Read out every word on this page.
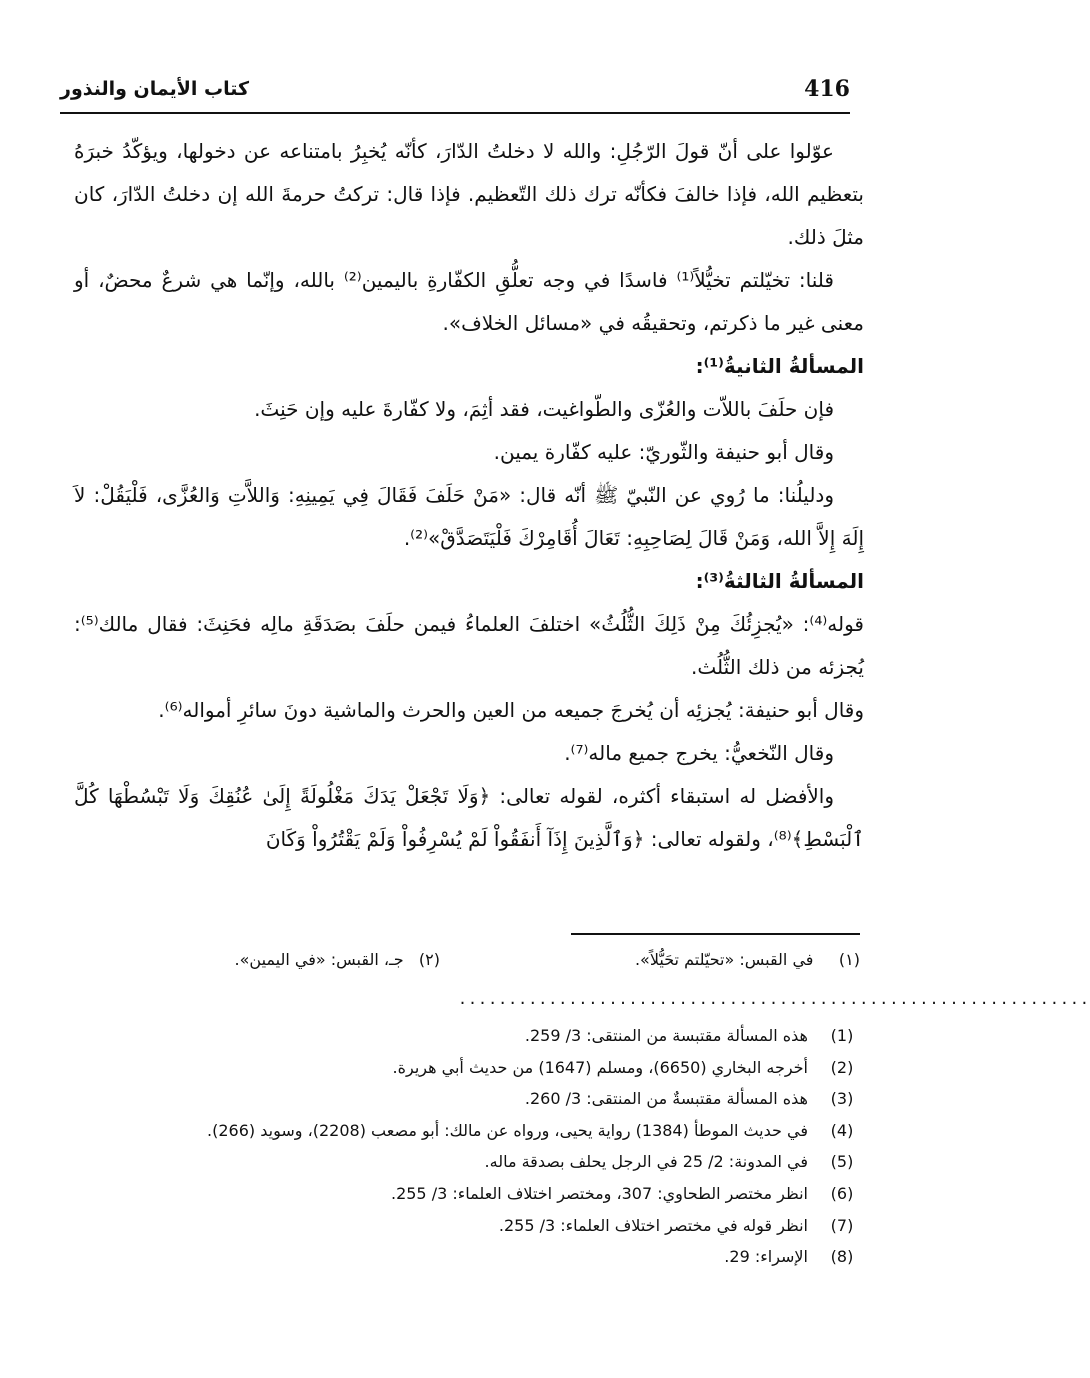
416
كتاب الأيمان والنذور

عوّلوا على أنّ قولَ الرّجُلِ: والله لا دخلتُ الدّارَ، كأنّه يُخبِرُ بامتناعه عن دخولها، ويؤكّدُ خبرَهُ بتعظيم الله، فإذا خالفَ فكأنّه ترك ذلك التّعظيم. فإذا قال: تركتُ حرمةَ الله إن دخلتُ الدّارَ، كان مثلَ ذلك.

قلنا: تخيّلتم تخيُّلاً⁽¹⁾ فاسدًا في وجه تعلُّقِ الكفّارةِ باليمين⁽²⁾ بالله، وإنّما هي شرعٌ محضٌ، أو معنى غير ما ذكرتم، وتحقيقُه في «مسائل الخلاف».

المسألةُ الثانيةُ⁽¹⁾:

فإن حلَفَ باللاّت والعُزّى والطّواغيت، فقد أثِمَ، ولا كفّارةَ عليه وإن حَنِثَ.

وقال أبو حنيفة والثّوريّ: عليه كفّارة يمين.

ودليلُنا: ما رُوي عن النّبيّ ﷺ أنّه قال: «مَنْ حَلَفَ فَقَالَ فِي يَمِينِهِ: وَاللاَّتِ وَالعُزَّى، فَلْيَقُلْ: لاَ إِلَهَ إِلاَّ الله، وَمَنْ قَالَ لِصَاحِبِهِ: تَعَالَ أُقَامِرْكَ فَلْيَتَصَدَّقْ»⁽²⁾.

المسألةُ الثالثةُ⁽³⁾:

قوله⁽⁴⁾: «يُجزِئُكَ مِنْ ذَلِكَ الثُّلُثُ» اختلفَ العلماءُ فيمن حلَفَ بصَدَقَةِ مالِه فحَنِثَ: فقال مالك⁽⁵⁾: يُجزئه من ذلك الثُّلُث.

وقال أبو حنيفة: يُجزئِه أن يُخرجَ جميعه من العين والحرث والماشية دونَ سائرِ أمواله⁽⁶⁾.

وقال النّخعيُّ: يخرج جميع ماله⁽⁷⁾.

والأفضل له استبقاء أكثره، لقوله تعالى: ﴿وَلَا تَجْعَلْ يَدَكَ مَغْلُولَةً إِلَىٰ عُنُقِكَ وَلَا تَبْسُطْهَا كُلَّ ٱلْبَسْطِ﴾⁽⁸⁾، ولقوله تعالى: ﴿وَٱلَّذِينَ إِذَآ أَنفَقُواْ لَمْ يُسْرِفُواْ وَلَمْ يَقْتُرُواْ وَكَانَ

(١)     في القبس: «تحيّلتم تحَيُّلاً».
(٢)   جـ، القبس: «في اليمين».
...............................................................
(1)
هذه المسألة مقتبسة من المنتقى: 3/ 259.
(2)
أخرجه البخاري (6650)، ومسلم (1647) من حديث أبي هريرة.
(3)
هذه المسألة مقتبسةٌ من المنتقى: 3/ 260.
(4)
في حديث الموطأ (1384) رواية يحيى، ورواه عن مالك: أبو مصعب (2208)، وسويد (266).
(5)
في المدونة: 2/ 25 في الرجل يحلف بصدقة ماله.
(6)
انظر مختصر الطحاوي: 307، ومختصر اختلاف العلماء: 3/ 255.
(7)
انظر قوله في مختصر اختلاف العلماء: 3/ 255.
(8)
الإسراء: 29.
